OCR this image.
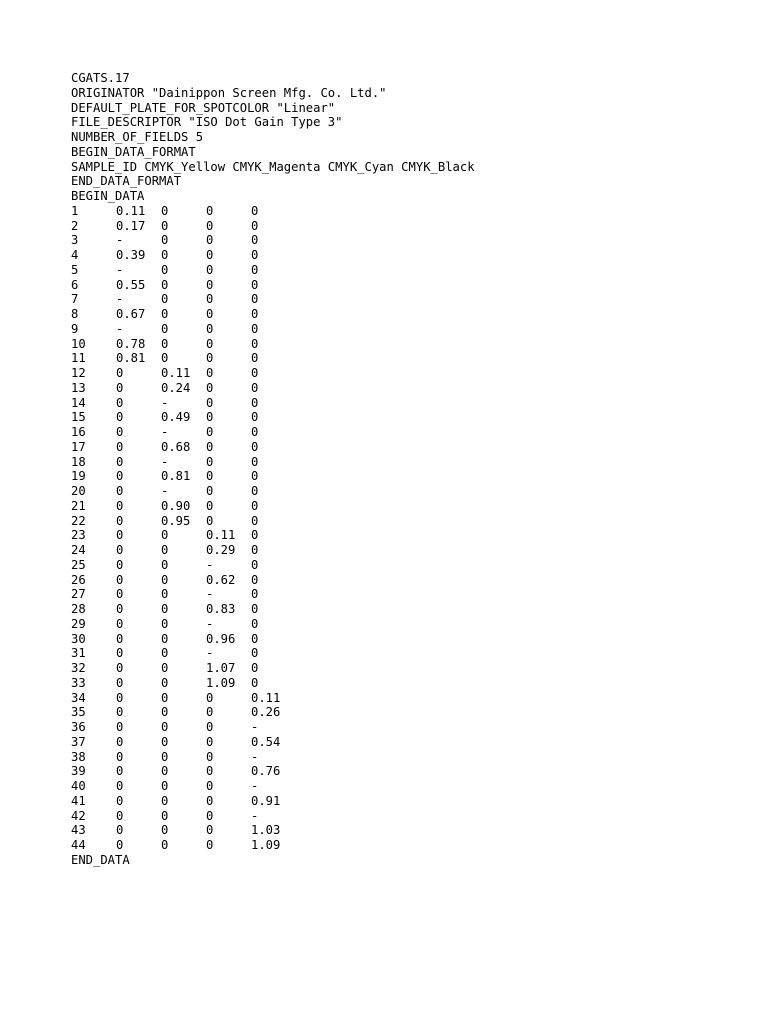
CGATS.17
ORIGINATOR "Dainippon Screen Mfg. Co. Ltd."
DEFAULT_PLATE_FOR_SPOTCOLOR "Linear"
FILE_DESCRIPTOR "ISO Dot Gain Type 3"
NUMBER_OF_FIELDS 5
BEGIN_DATA_FORMAT
SAMPLE_ID CMYK_Yellow CMYK_Magenta CMYK_Cyan CMYK_Black
END_DATA_FORMAT
BEGIN_DATA
1	0.11	0	0	0
2	0.17	0	0	0
3	-	0	0	0
4	0.39	0	0	0
5	-	0	0	0
6	0.55	0	0	0
7	-	0	0	0
8	0.67	0	0	0
9	-	0	0	0
10	0.78	0	0	0
11	0.81	0	0	0
12	0	0.11	0	0
13	0	0.24	0	0
14	0	-	0	0
15	0	0.49	0	0
16	0	-	0	0
17	0	0.68	0	0
18	0	-	0	0
19	0	0.81	0	0
20	0	-	0	0
21	0	0.90	0	0
22	0	0.95	0	0
23	0	0	0.11	0
24	0	0	0.29	0
25	0	0	-	0
26	0	0	0.62	0
27	0	0	-	0
28	0	0	0.83	0
29	0	0	-	0
30	0	0	0.96	0
31	0	0	-	0
32	0	0	1.07	0
33	0	0	1.09	0
34	0	0	0	0.11
35	0	0	0	0.26
36	0	0	0	-
37	0	0	0	0.54
38	0	0	0	-
39	0	0	0	0.76
40	0	0	0	-
41	0	0	0	0.91
42	0	0	0	-
43	0	0	0	1.03
44	0	0	0	1.09
END_DATA
